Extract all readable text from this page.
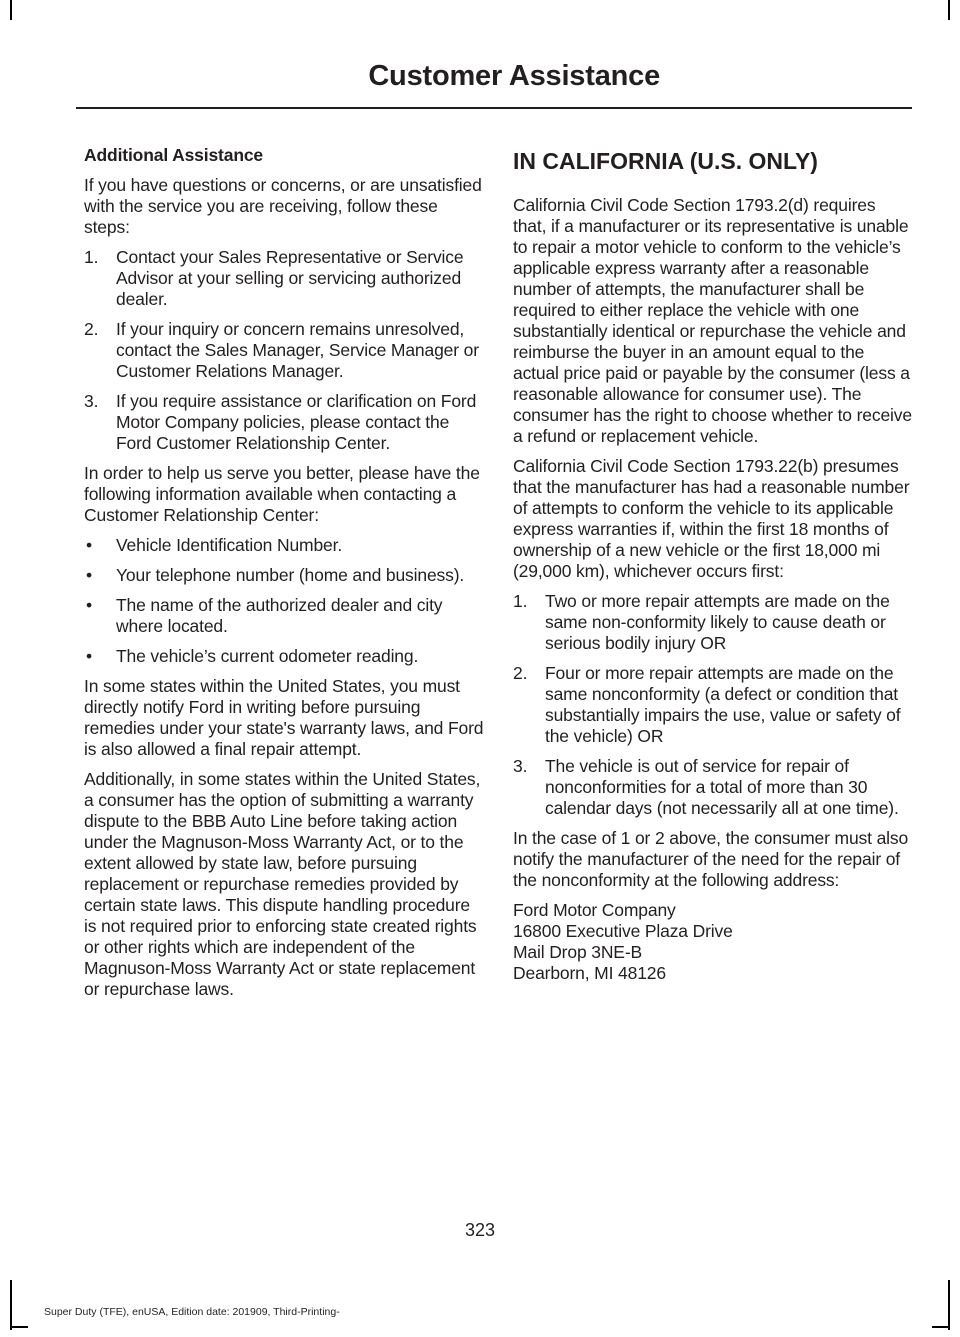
Customer Assistance
Additional Assistance

If you have questions or concerns, or are unsatisfied with the service you are receiving, follow these steps:

1. Contact your Sales Representative or Service Advisor at your selling or servicing authorized dealer.
2. If your inquiry or concern remains unresolved, contact the Sales Manager, Service Manager or Customer Relations Manager.
3. If you require assistance or clarification on Ford Motor Company policies, please contact the Ford Customer Relationship Center.

In order to help us serve you better, please have the following information available when contacting a Customer Relationship Center:

• Vehicle Identification Number.
• Your telephone number (home and business).
• The name of the authorized dealer and city where located.
• The vehicle’s current odometer reading.

In some states within the United States, you must directly notify Ford in writing before pursuing remedies under your state's warranty laws, and Ford is also allowed a final repair attempt.

Additionally, in some states within the United States, a consumer has the option of submitting a warranty dispute to the BBB Auto Line before taking action under the Magnuson-Moss Warranty Act, or to the extent allowed by state law, before pursuing replacement or repurchase remedies provided by certain state laws. This dispute handling procedure is not required prior to enforcing state created rights or other rights which are independent of the Magnuson-Moss Warranty Act or state replacement or repurchase laws.

IN CALIFORNIA (U.S. ONLY)

California Civil Code Section 1793.2(d) requires that, if a manufacturer or its representative is unable to repair a motor vehicle to conform to the vehicle’s applicable express warranty after a reasonable number of attempts, the manufacturer shall be required to either replace the vehicle with one substantially identical or repurchase the vehicle and reimburse the buyer in an amount equal to the actual price paid or payable by the consumer (less a reasonable allowance for consumer use). The consumer has the right to choose whether to receive a refund or replacement vehicle.

California Civil Code Section 1793.22(b) presumes that the manufacturer has had a reasonable number of attempts to conform the vehicle to its applicable express warranties if, within the first 18 months of ownership of a new vehicle or the first 18,000 mi (29,000 km), whichever occurs first:

1. Two or more repair attempts are made on the same non-conformity likely to cause death or serious bodily injury OR
2. Four or more repair attempts are made on the same nonconformity (a defect or condition that substantially impairs the use, value or safety of the vehicle) OR
3. The vehicle is out of service for repair of nonconformities for a total of more than 30 calendar days (not necessarily all at one time).

In the case of 1 or 2 above, the consumer must also notify the manufacturer of the need for the repair of the nonconformity at the following address:

Ford Motor Company
16800 Executive Plaza Drive
Mail Drop 3NE-B
Dearborn, MI 48126

323
Super Duty (TFE), enUSA, Edition date: 201909, Third-Printing-
